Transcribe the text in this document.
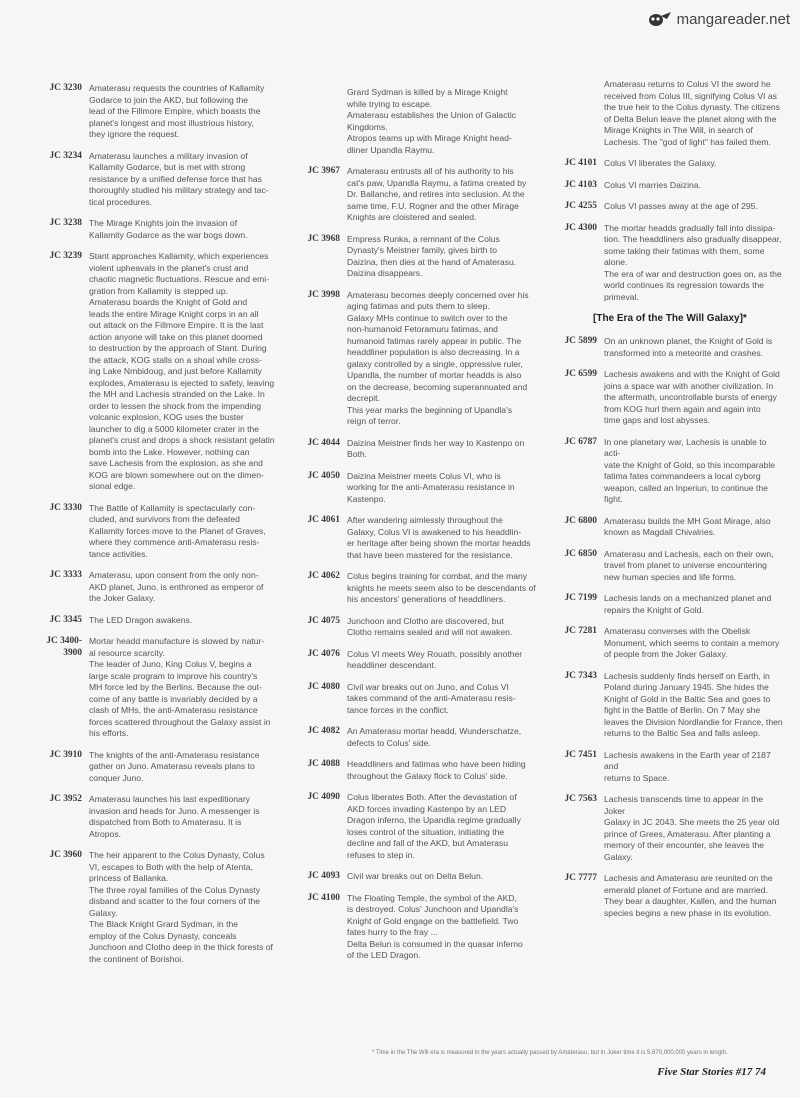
mangareader.net
JC 3230 Amaterasu requests the countries of Kallamity
Godarce to join the AKD, but following the
lead of the Fillmore Empire, which boasts the
planet's longest and most illustrious history,
they ignore the request.
JC 3234 Amaterasu launches a military invasion of
Kallamity Godarce, but is met with strong
resistance by a unified defense force that has
thoroughly studied his military strategy and tac-
tical procedures.
JC 3238 The Mirage Knights join the invasion of
Kallamity Godarce as the war bogs down.
JC 3239 Stant approaches Kallamity, which experiences
violent upheavals in the planet's crust and
chaotic magnetic fluctuations. Rescue and emi-
gration from Kallamity is stepped up.
Amaterasu boards the Knight of Gold and
leads the entire Mirage Knight corps in an all
out attack on the Fillmore Empire. It is the last
action anyone will take on this planet doomed
to destruction by the approach of Stant. During
the attack, KOG stalls on a shoal while cross-
ing Lake Nmbidoug, and just before Kallamity
explodes, Amaterasu is ejected to safety, leaving
the MH and Lachesis stranded on the Lake. In
order to lessen the shock from the impending
volcanic explosion, KOG uses the buster
launcher to dig a 5000 kilometer crater in the
planet's crust and drops a shock resistant gelatin
bomb into the Lake. However, nothing can
save Lachesis from the explosion, as she and
KOG are blown somewhere out on the dimen-
sional edge.
JC 3330 The Battle of Kallamity is spectacularly con-
cluded, and survivors from the defeated
Kallamity forces move to the Planet of Graves,
where they commence anti-Amaterasu resis-
tance activities.
JC 3333 Amaterasu, upon consent from the only non-
AKD planet, Juno, is enthroned as emperor of
the Joker Galaxy.
JC 3345 The LED Dragon awakens.
JC 3400-
3900
Mortar headd manufacture is slowed by natur-
al resource scarcity.
The leader of Juno, King Colus V, begins a
large scale program to improve his country's
MH force led by the Berlins. Because the out-
come of any battle is invariably decided by a
clash of MHs, the anti-Amaterasu resistance
forces scattered throughout the Galaxy assist in
his efforts.
JC 3910 The knights of the anti-Amaterasu resistance
gather on Juno. Amaterasu reveals plans to
conquer Juno.
JC 3952 Amaterasu launches his last expeditionary
invasion and heads for Juno. A messenger is
dispatched from Both to Amaterasu. It is
Atropos.
JC 3960 The heir apparent to the Colus Dynasty, Colus
VI, escapes to Both with the help of Atenta,
princess of Ballanka.
The three royal families of the Colus Dynasty
disband and scatter to the four corners of the
Galaxy.
The Black Knight Grard Sydman, in the
employ of the Colus Dynasty, conceals
Junchoon and Clotho deep in the thick forests of
the continent of Borishoi.
Grard Sydman is killed by a Mirage Knight
while trying to escape.
Amaterasu establishes the Union of Galactic
Kingdoms.
Atropos teams up with Mirage Knight head-
dliner Upandla Raymu.
JC 3967 Amaterasu entrusts all of his authority to his
cat's paw, Upandla Raymu, a fatima created by
Dr. Ballanche, and retires into seclusion. At the
same time, F.U. Rogner and the other Mirage
Knights are cloistered and sealed.
JC 3968 Empress Runka, a remnant of the Colus
Dynasty's Meistner family, gives birth to
Daizina, then dies at the hand of Amaterasu.
Daizina disappears.
JC 3998 Amaterasu becomes deeply concerned over his
aging fatimas and puts them to sleep.
Galaxy MHs continue to switch over to the
non-humanoid Fetoramuru fatimas, and
humanoid fatimas rarely appear in public. The
headdliner population is also decreasing. In a
galaxy controlled by a single, oppressive ruler,
Upandla, the number of mortar headds is also
on the decrease, becoming superannuated and
decrepit.
This year marks the beginning of Upandla's
reign of terror.
JC 4044 Daizina Meistner finds her way to Kastenpo on
Both.
JC 4050 Daizina Meistner meets Colus VI, who is
working for the anti-Amaterasu resistance in
Kastenpo.
JC 4061 After wandering aimlessly throughout the
Galaxy, Colus VI is awakened to his headdlin-
er heritage after being shown the mortar headds
that have been mastered for the resistance.
JC 4062 Colus begins training for combat, and the many
knights he meets seem also to be descendants of
his ancestors' generations of headdliners.
JC 4075 Junchoon and Clotho are discovered, but
Clotho remains sealed and will not awaken.
JC 4076 Colus VI meets Wey Rouath, possibly another
headdliner descendant.
JC 4080 Civil war breaks out on Juno, and Colus VI
takes command of the anti-Amaterasu resis-
tance forces in the conflict.
JC 4082 An Amaterasu mortar headd, Wunderschatze,
defects to Colus' side.
JC 4088 Headdliners and fatimas who have been hiding
throughout the Galaxy flock to Colus' side.
JC 4090 Colus liberates Both. After the devastation of
AKD forces invading Kastenpo by an LED
Dragon inferno, the Upandla regime gradually
loses control of the situation, initiating the
decline and fall of the AKD, but Amaterasu
refuses to step in.
JC 4093 Civil war breaks out on Delta Belun.
JC 4100 The Floating Temple, the symbol of the AKD,
is destroyed. Colus' Junchoon and Upandla's
Knight of Gold engage on the battlefield. Two
fates hurry to the fray ...
Delta Belun is consumed in the quasar inferno
of the LED Dragon.
Amaterasu returns to Colus VI the sword he
received from Colus III, signifying Colus VI as
the true heir to the Colus dynasty. The citizens
of Delta Belun leave the planet along with the
Mirage Knights in The Will, in search of
Lachesis. The "god of light" has failed them.
JC 4101 Colus VI liberates the Galaxy.
JC 4103 Colus VI marries Daizina.
JC 4255 Colus VI passes away at the age of 295.
JC 4300 The mortar headds gradually fall into dissipa-
tion. The headdliners also gradually disappear,
some taking their fatimas with them, some
alone.
The era of war and destruction goes on, as the
world continues its regression towards the
primeval.
[The Era of the The Will Galaxy]*
JC 5899 On an unknown planet, the Knight of Gold is
transformed into a meteorite and crashes.
JC 6599 Lachesis awakens and with the Knight of Gold
joins a space war with another civilization. In
the aftermath, uncontrollable bursts of energy
from KOG hurl them again and again into
time gaps and lost abysses.
JC 6787 In one planetary war, Lachesis is unable to acti-
vate the Knight of Gold, so this incomparable
fatima fates commandeers a local cyborg
weapon, called an Inperiun, to continue the
fight.
JC 6800 Amaterasu builds the MH Goat Mirage, also
known as Magdall Chivalries.
JC 6850 Amaterasu and Lachesis, each on their own,
travel from planet to universe encountering
new human species and life forms.
JC 7199 Lachesis lands on a mechanized planet and
repairs the Knight of Gold.
JC 7281 Amaterasu converses with the Obelisk
Monument, which seems to contain a memory
of people from the Joker Galaxy.
JC 7343 Lachesis suddenly finds herself on Earth, in
Poland during January 1945. She hides the
Knight of Gold in the Baltic Sea and goes to
fight in the Battle of Berlin. On 7 May she
leaves the Division Nordlandie for France, then
returns to the Baltic Sea and falls asleep.
JC 7451 Lachesis awakens in the Earth year of 2187 and
returns to Space.
JC 7563 Lachesis transcends time to appear in the Joker
Galaxy in JC 2043. She meets the 25 year old
prince of Grees, Amaterasu. After planting a
memory of their encounter, she leaves the
Galaxy.
JC 7777 Lachesis and Amaterasu are reunited on the
emerald planet of Fortune and are married.
They bear a daughter, Kallen, and the human
species begins a new phase in its evolution.
* Time in the The Will era is measured in the years actually passed by Amaterasu, but in Joker time it is 5,670,000,000 years in length.
Five Star Stories #17 74
